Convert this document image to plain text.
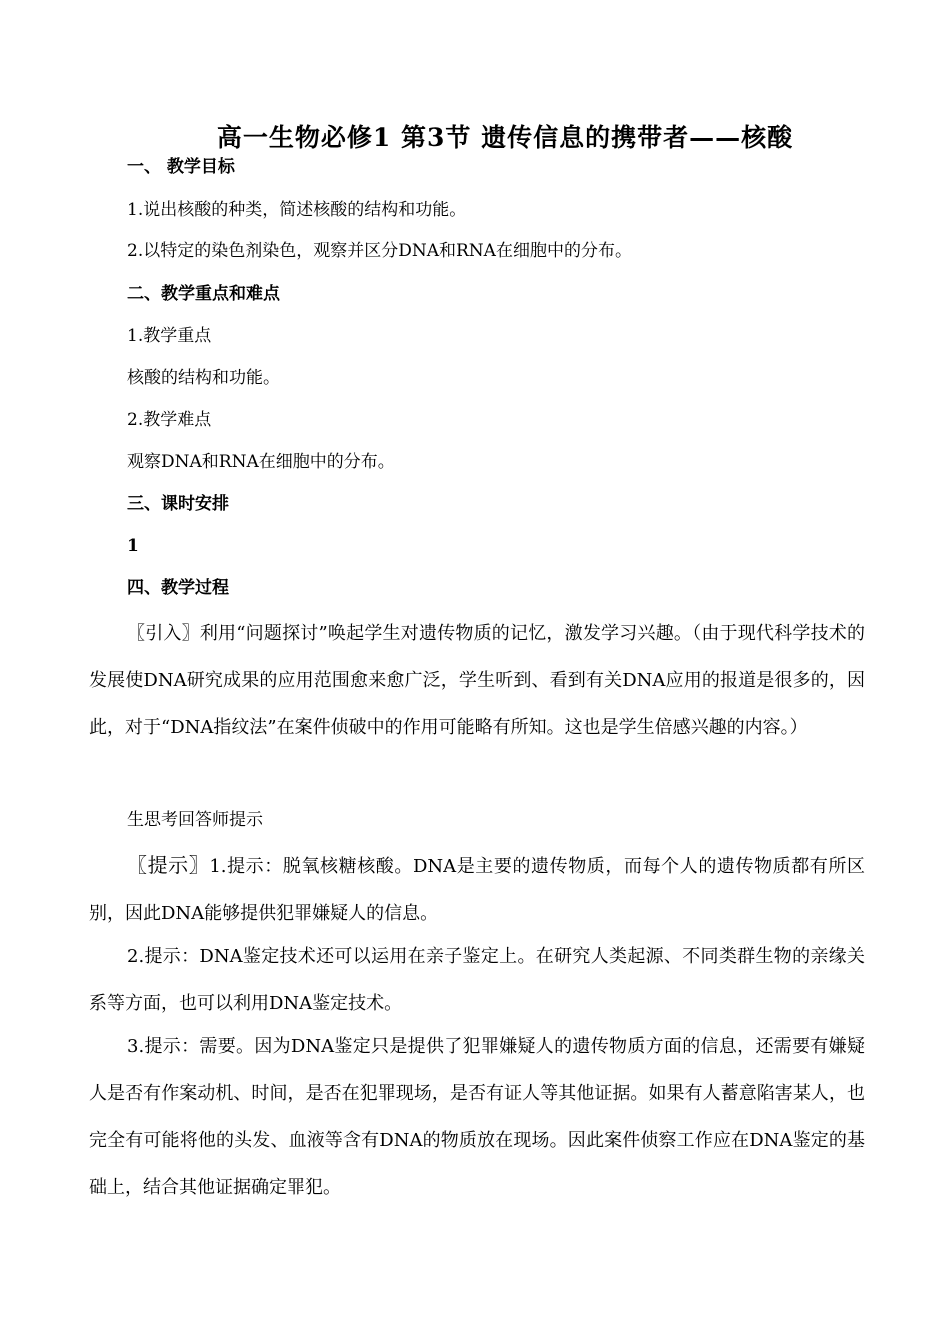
高一生物必修1 第3节 遗传信息的携带者——核酸
一、 教学目标
1.说出核酸的种类，简述核酸的结构和功能。
2.以特定的染色剂染色，观察并区分DNA和RNA在细胞中的分布。
二、教学重点和难点
1.教学重点
核酸的结构和功能。
2.教学难点
观察DNA和RNA在细胞中的分布。
三、课时安排
1
四、教学过程
〖引入〗利用“问题探讨”唤起学生对遗传物质的记忆，激发学习兴趣。（由于现代科学技术的发展使DNA研究成果的应用范围愈来愈广泛，学生听到、看到有关DNA应用的报道是很多的，因此，对于“DNA指纹法”在案件侦破中的作用可能略有所知。这也是学生倍感兴趣的内容。）
生思考回答师提示
〖提示〗1.提示：脱氧核糖核酸。DNA是主要的遗传物质，而每个人的遗传物质都有所区别，因此DNA能够提供犯罪嫌疑人的信息。
2.提示：DNA鉴定技术还可以运用在亲子鉴定上。在研究人类起源、不同类群生物的亲缘关系等方面，也可以利用DNA鉴定技术。
3.提示：需要。因为DNA鉴定只是提供了犯罪嫌疑人的遗传物质方面的信息，还需要有嫌疑人是否有作案动机、时间，是否在犯罪现场，是否有证人等其他证据。如果有人蓄意陷害某人，也完全有可能将他的头发、血液等含有DNA的物质放在现场。因此案件侦察工作应在DNA鉴定的基础上，结合其他证据确定罪犯。
